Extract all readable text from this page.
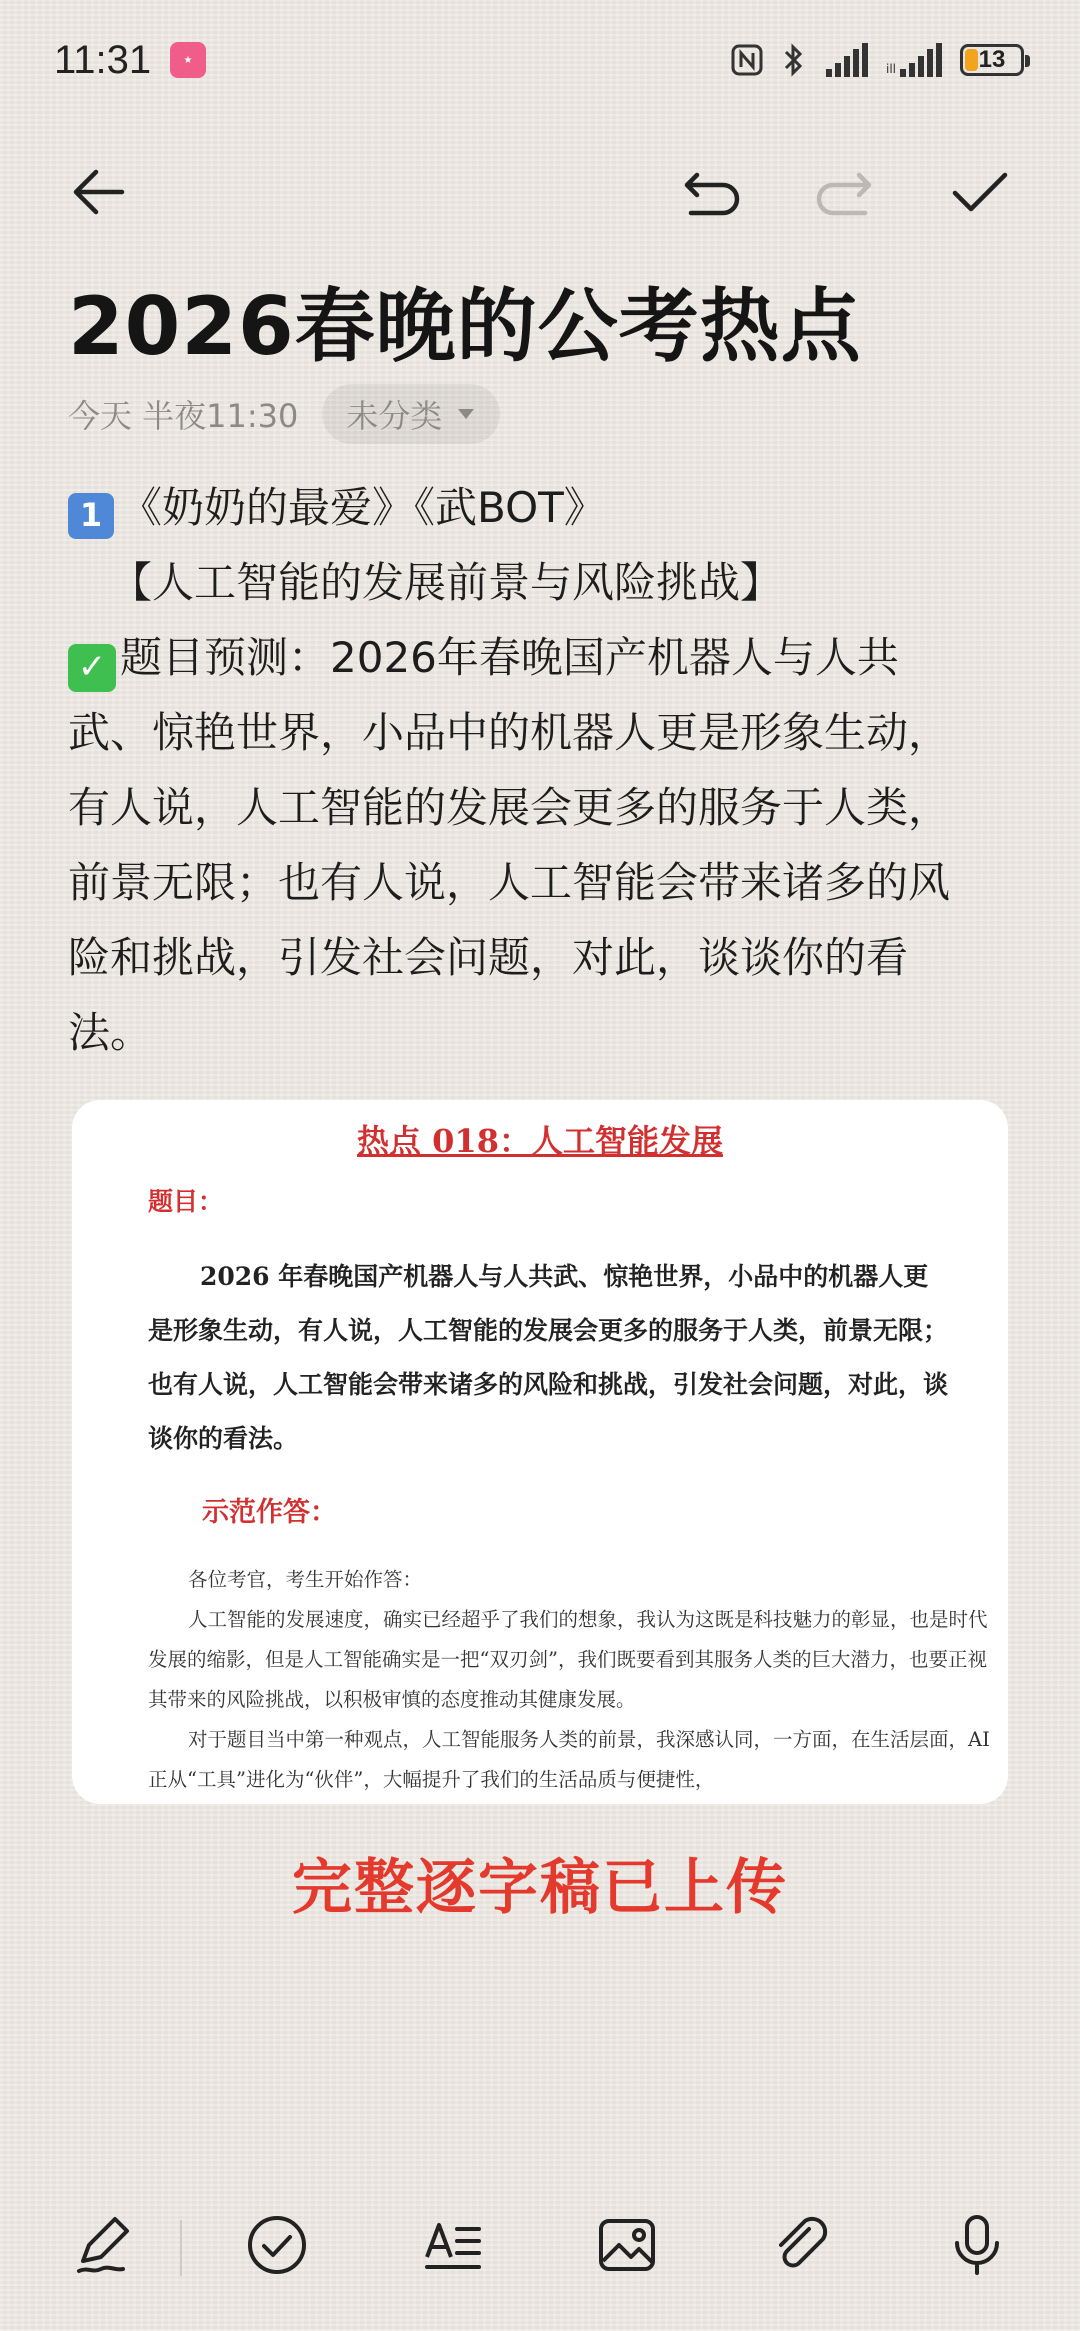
11:31	★
ill	13
2026春晚的公考热点
今天 半夜11:30 未分类
1 《奶奶的最爱》《武BOT》
【人工智能的发展前景与风险挑战】
✓ 题目预测：2026年春晚国产机器人与人共
武、惊艳世界，小品中的机器人更是形象生动，
有人说，人工智能的发展会更多的服务于人类，
前景无限；也有人说，人工智能会带来诸多的风
险和挑战，引发社会问题，对此，谈谈你的看
法。
热点 018：人工智能发展
题目：
2026 年春晚国产机器人与人共武、惊艳世界，小品中的机器人更是形象生动，有人说，人工智能的发展会更多的服务于人类，前景无限；也有人说，人工智能会带来诸多的风险和挑战，引发社会问题，对此，谈谈你的看法。
示范作答：

各位考官，考生开始作答：

人工智能的发展速度，确实已经超乎了我们的想象，我认为这既是科技魅力的彰显，也是时代发展的缩影，但是人工智能确实是一把“双刃剑”，我们既要看到其服务人类的巨大潜力，也要正视其带来的风险挑战，以积极审慎的态度推动其健康发展。

对于题目当中第一种观点，人工智能服务人类的前景，我深感认同，一方面，在生活层面，AI 正从“工具”进化为“伙伴”，大幅提升了我们的生活品质与便捷性，

完整逐字稿已上传
